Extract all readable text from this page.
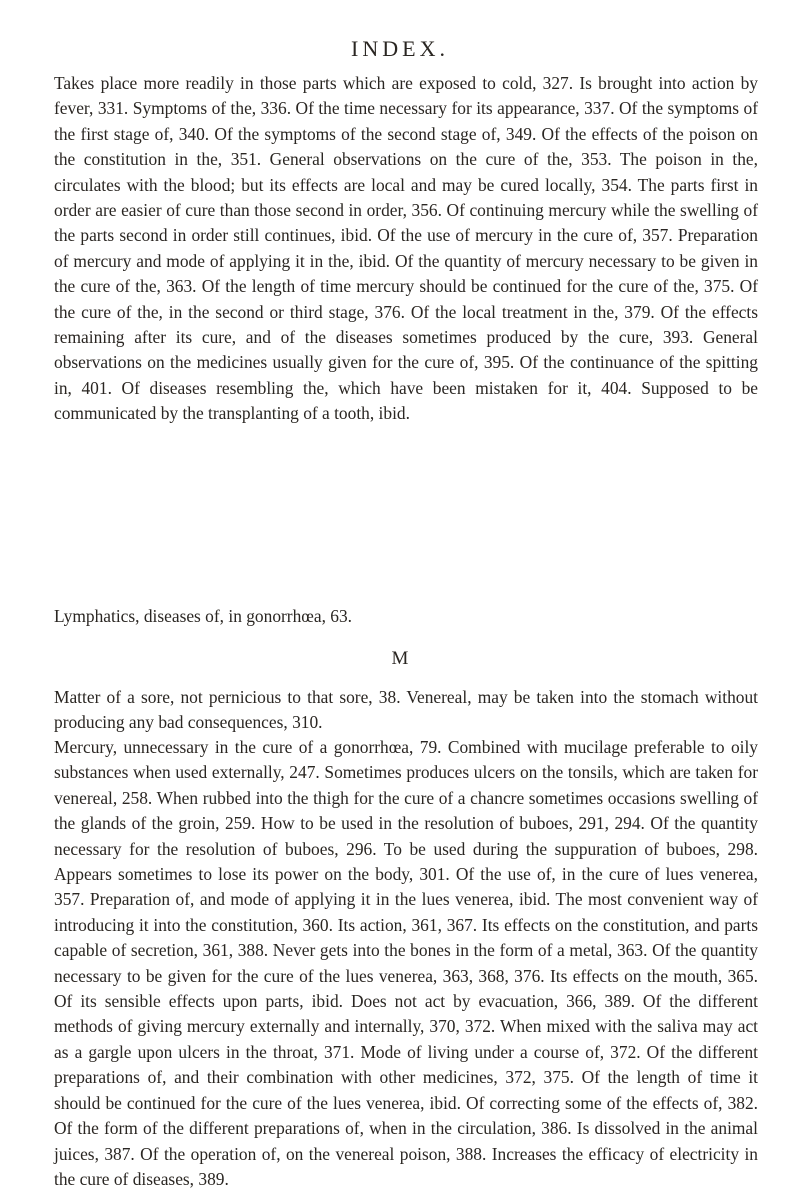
INDEX.

Takes place more readily in those parts which are exposed to cold, 327. Is brought into action by fever, 331. Symptoms of the, 336. Of the time necessary for its appearance, 337. Of the symptoms of the first stage of, 340. Of the symptoms of the second stage of, 349. Of the effects of the poison on the constitution in the, 351. General observations on the cure of the, 353. The poison in the, circulates with the blood; but its effects are local and may be cured locally, 354. The parts first in order are easier of cure than those second in order, 356. Of continuing mercury while the swelling of the parts second in order still continues, ibid. Of the use of mercury in the cure of, 357. Preparation of mercury and mode of applying it in the, ibid. Of the quantity of mercury necessary to be given in the cure of the, 363. Of the length of time mercury should be continued for the cure of the, 375. Of the cure of the, in the second or third stage, 376. Of the local treatment in the, 379. Of the effects remaining after its cure, and of the diseases sometimes produced by the cure, 393. General observations on the medicines usually given for the cure of, 395. Of the continuance of the spitting in, 401. Of diseases resembling the, which have been mistaken for it, 404. Supposed to be communicated by the transplanting of a tooth, ibid.

Lymphatics, diseases of, in gonorrhœa, 63.

M

Matter of a sore, not pernicious to that sore, 38. Venereal, may be taken into the stomach without producing any bad consequences, 310.

Mercury, unnecessary in the cure of a gonorrhœa, 79. Combined with mucilage preferable to oily substances when used externally, 247. Sometimes produces ulcers on the tonsils, which are taken for venereal, 258. When rubbed into the thigh for the cure of a chancre sometimes occasions swelling of the glands of the groin, 259. How to be used in the resolution of buboes, 291, 294. Of the quantity necessary for the resolution of buboes, 296. To be used during the suppuration of buboes, 298. Appears sometimes to lose its power on the body, 301. Of the use of, in the cure of lues venerea, 357. Preparation of, and mode of applying it in the lues venerea, ibid. The most convenient way of introducing it into the constitution, 360. Its action, 361, 367. Its effects on the constitution, and parts capable of secretion, 361, 388. Never gets into the bones in the form of a metal, 363. Of the quantity necessary to be given for the cure of the lues venerea, 363, 368, 376. Its effects on the mouth, 365. Of its sensible effects upon parts, ibid. Does not act by evacuation, 366, 389. Of the different methods of giving mercury externally and internally, 370, 372. When mixed with the saliva may act as a gargle upon ulcers in the throat, 371. Mode of living under a course of, 372. Of the different preparations of, and their combination with other medicines, 372, 375. Of the length of time it should be continued for the cure of the lues venerea, ibid. Of correcting some of the effects of, 382. Of the form of the different preparations of, when in the circulation, 386. Is dissolved in the animal juices, 387. Of the operation of, on the venereal poison, 388. Increases the efficacy of electricity in the cure of diseases, 389.
